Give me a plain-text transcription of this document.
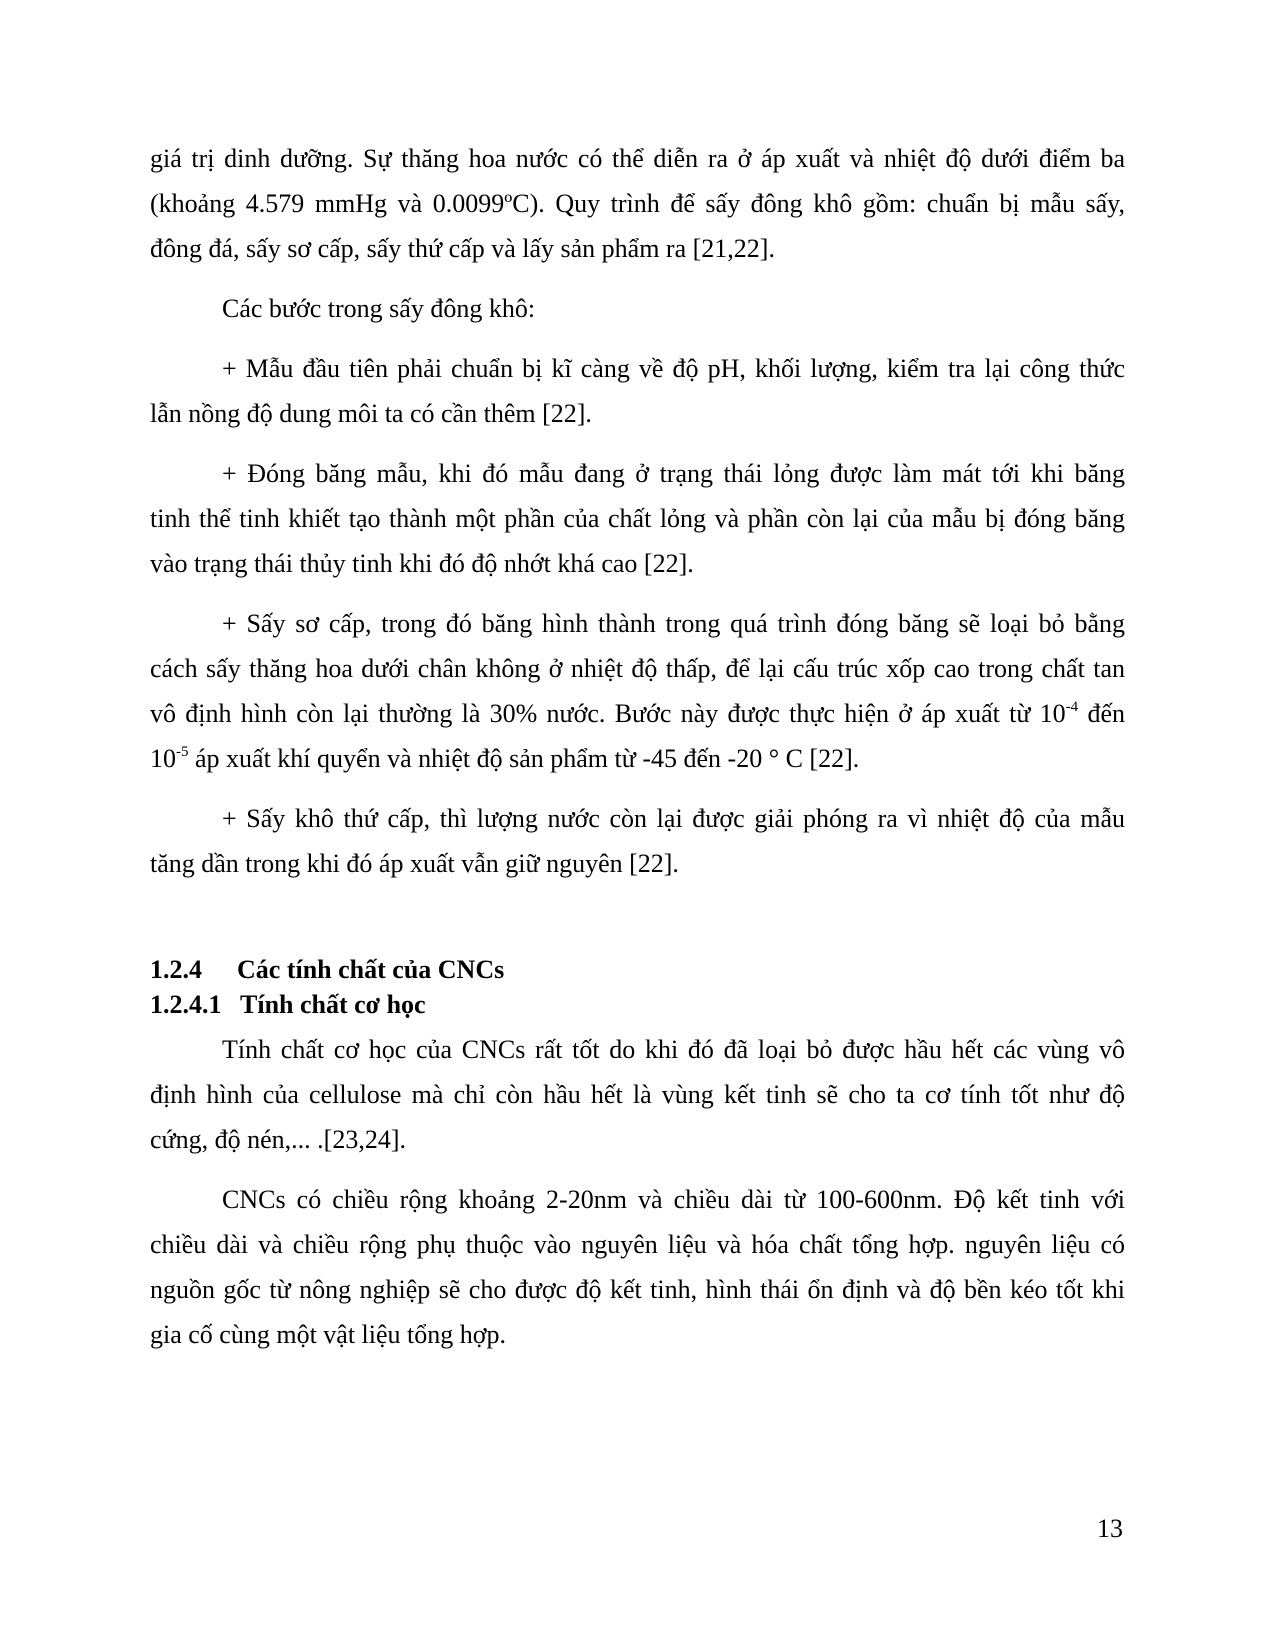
giá trị dinh dưỡng. Sự thăng hoa nước có thể diễn ra ở áp xuất và nhiệt độ dưới điểm ba
(khoảng 4.579 mmHg và 0.0099ºC). Quy trình để sấy đông khô gồm: chuẩn bị mẫu sấy,
đông đá, sấy sơ cấp, sấy thứ cấp và lấy sản phẩm ra [21,22].
Các bước trong sấy đông khô:
+ Mẫu đầu tiên phải chuẩn bị kĩ càng về độ pH, khối lượng, kiểm tra lại công thức
lẫn nồng độ dung môi ta có cần thêm [22].
+ Đóng băng mẫu, khi đó mẫu đang ở trạng thái lỏng được làm mát tới khi băng
tinh thể tinh khiết tạo thành một phần của chất lỏng và phần còn lại của mẫu bị đóng băng
vào trạng thái thủy tinh khi đó độ nhớt khá cao [22].
+ Sấy sơ cấp, trong đó băng hình thành trong quá trình đóng băng sẽ loại bỏ bằng
cách sấy thăng hoa dưới chân không ở nhiệt độ thấp, để lại cấu trúc xốp cao trong chất tan
vô định hình còn lại thường là 30% nước. Bước này được thực hiện ở áp xuất từ $10^{-4}$ đến
$10^{-5}$ áp xuất khí quyển và nhiệt độ sản phẩm từ -45 đến -20 ° C [22].
+ Sấy khô thứ cấp, thì lượng nước còn lại được giải phóng ra vì nhiệt độ của mẫu
tăng dần trong khi đó áp xuất vẫn giữ nguyên [22].
1.2.4 Các tính chất của CNCs
1.2.4.1 Tính chất cơ học
Tính chất cơ học của CNCs rất tốt do khi đó đã loại bỏ được hầu hết các vùng vô
định hình của cellulose mà chỉ còn hầu hết là vùng kết tinh sẽ cho ta cơ tính tốt như độ
cứng, độ nén,... .[23,24].
CNCs có chiều rộng khoảng 2-20nm và chiều dài từ 100-600nm. Độ kết tinh với
chiều dài và chiều rộng phụ thuộc vào nguyên liệu và hóa chất tổng hợp. nguyên liệu có
nguồn gốc từ nông nghiệp sẽ cho được độ kết tinh, hình thái ổn định và độ bền kéo tốt khi
gia cố cùng một vật liệu tổng hợp.
13
